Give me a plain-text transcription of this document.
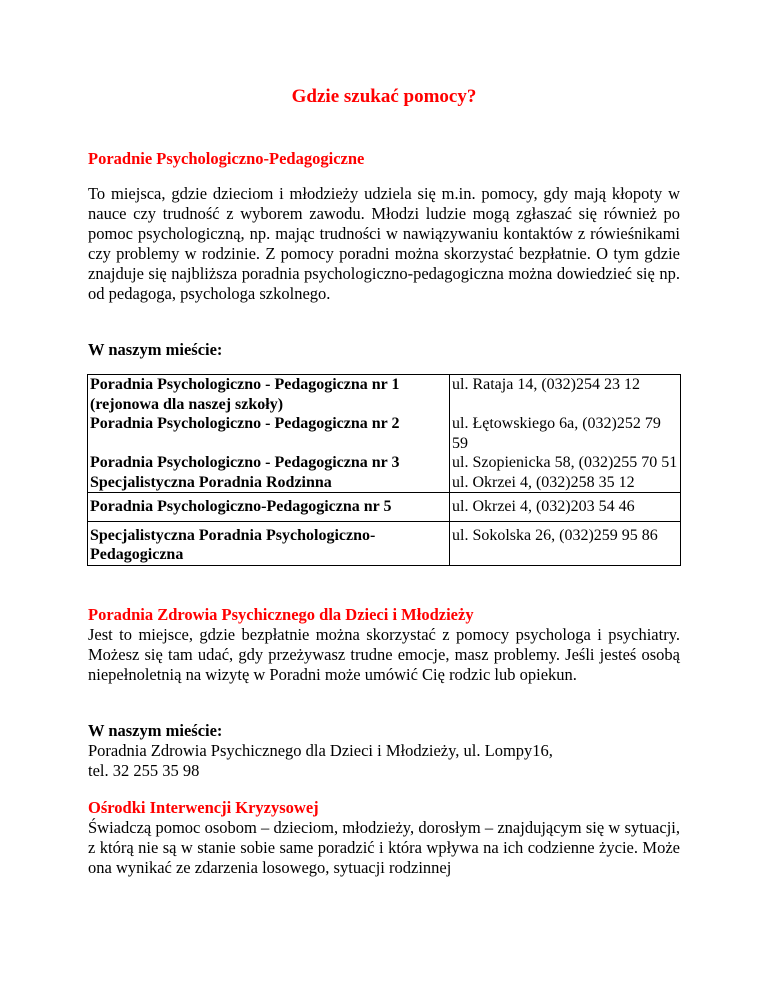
Gdzie szukać pomocy?
Poradnie Psychologiczno-Pedagogiczne
To miejsca, gdzie dzieciom i młodzieży udziela się m.in. pomocy, gdy mają kłopoty w nauce czy trudność z wyborem zawodu. Młodzi ludzie mogą zgłaszać się również po pomoc psychologiczną, np. mając trudności w nawiązywaniu kontaktów z rówieśnikami czy problemy w rodzinie. Z pomocy poradni można skorzystać bezpłatnie. O tym gdzie znajduje się najbliższa poradnia psychologiczno-pedagogiczna można dowiedzieć się np. od pedagoga, psychologa szkolnego.
W naszym mieście:
Poradnia Psychologiczno - Pedagogiczna nr 1 (rejonowa dla naszej szkoły)	ul. Rataja 14, (032)254 23 12
Poradnia Psychologiczno - Pedagogiczna nr 2	ul. Łętowskiego 6a, (032)252 79 59
Poradnia Psychologiczno - Pedagogiczna nr 3	ul. Szopienicka 58, (032)255 70 51
Specjalistyczna Poradnia Rodzinna	ul. Okrzei 4, (032)258 35 12
Poradnia Psychologiczno-Pedagogiczna nr 5	ul. Okrzei 4, (032)203 54 46
Specjalistyczna Poradnia Psychologiczno-Pedagogiczna	ul. Sokolska 26, (032)259 95 86
Poradnia Zdrowia Psychicznego dla Dzieci i Młodzieży
Jest to miejsce, gdzie bezpłatnie można skorzystać z pomocy psychologa i psychiatry. Możesz się tam udać, gdy przeżywasz trudne emocje, masz problemy. Jeśli jesteś osobą niepełnoletnią na wizytę w Poradni może umówić Cię rodzic lub opiekun.
W naszym mieście:
Poradnia Zdrowia Psychicznego dla Dzieci i Młodzieży, ul. Lompy16,
tel. 32 255 35 98
Ośrodki Interwencji Kryzysowej
Świadczą pomoc osobom – dzieciom, młodzieży, dorosłym – znajdującym się w sytuacji, z którą nie są w stanie sobie same poradzić i która wpływa na ich codzienne życie. Może ona wynikać ze zdarzenia losowego, sytuacji rodzinnej
